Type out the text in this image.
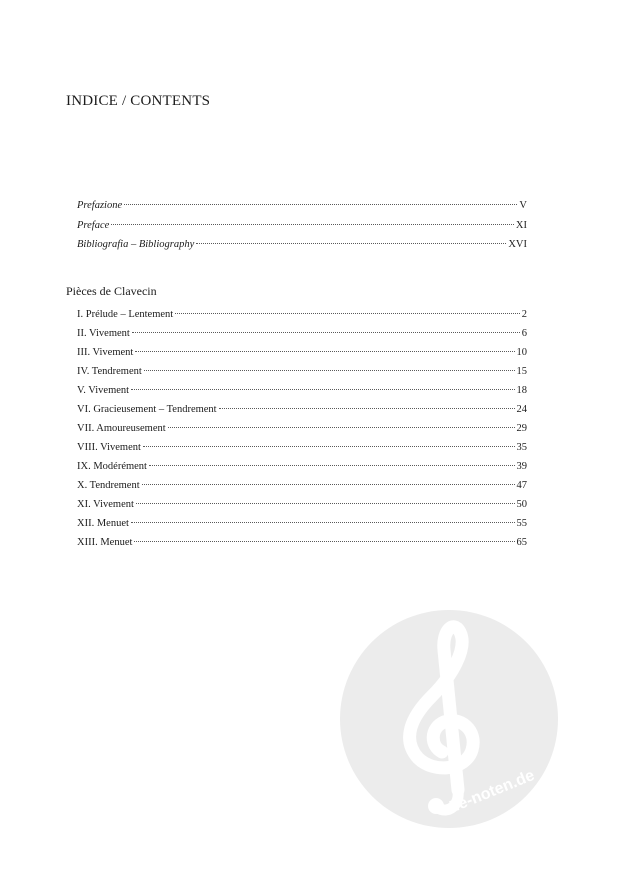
INDICE / CONTENTS
Prefazione	V
Preface	XI
Bibliografia – Bibliography	XVI
Pièces de Clavecin
I. Prélude – Lentement	2
II. Vivement	6
III. Vivement	10
IV. Tendrement	15
V. Vivement	18
VI. Gracieusement – Tendrement	24
VII. Amoureusement	29
VIII. Vivement	35
IX. Modérément	39
X. Tendrement	47
XI. Vivement	50
XII. Menuet	55
XIII. Menuet	65
alle-noten.de
